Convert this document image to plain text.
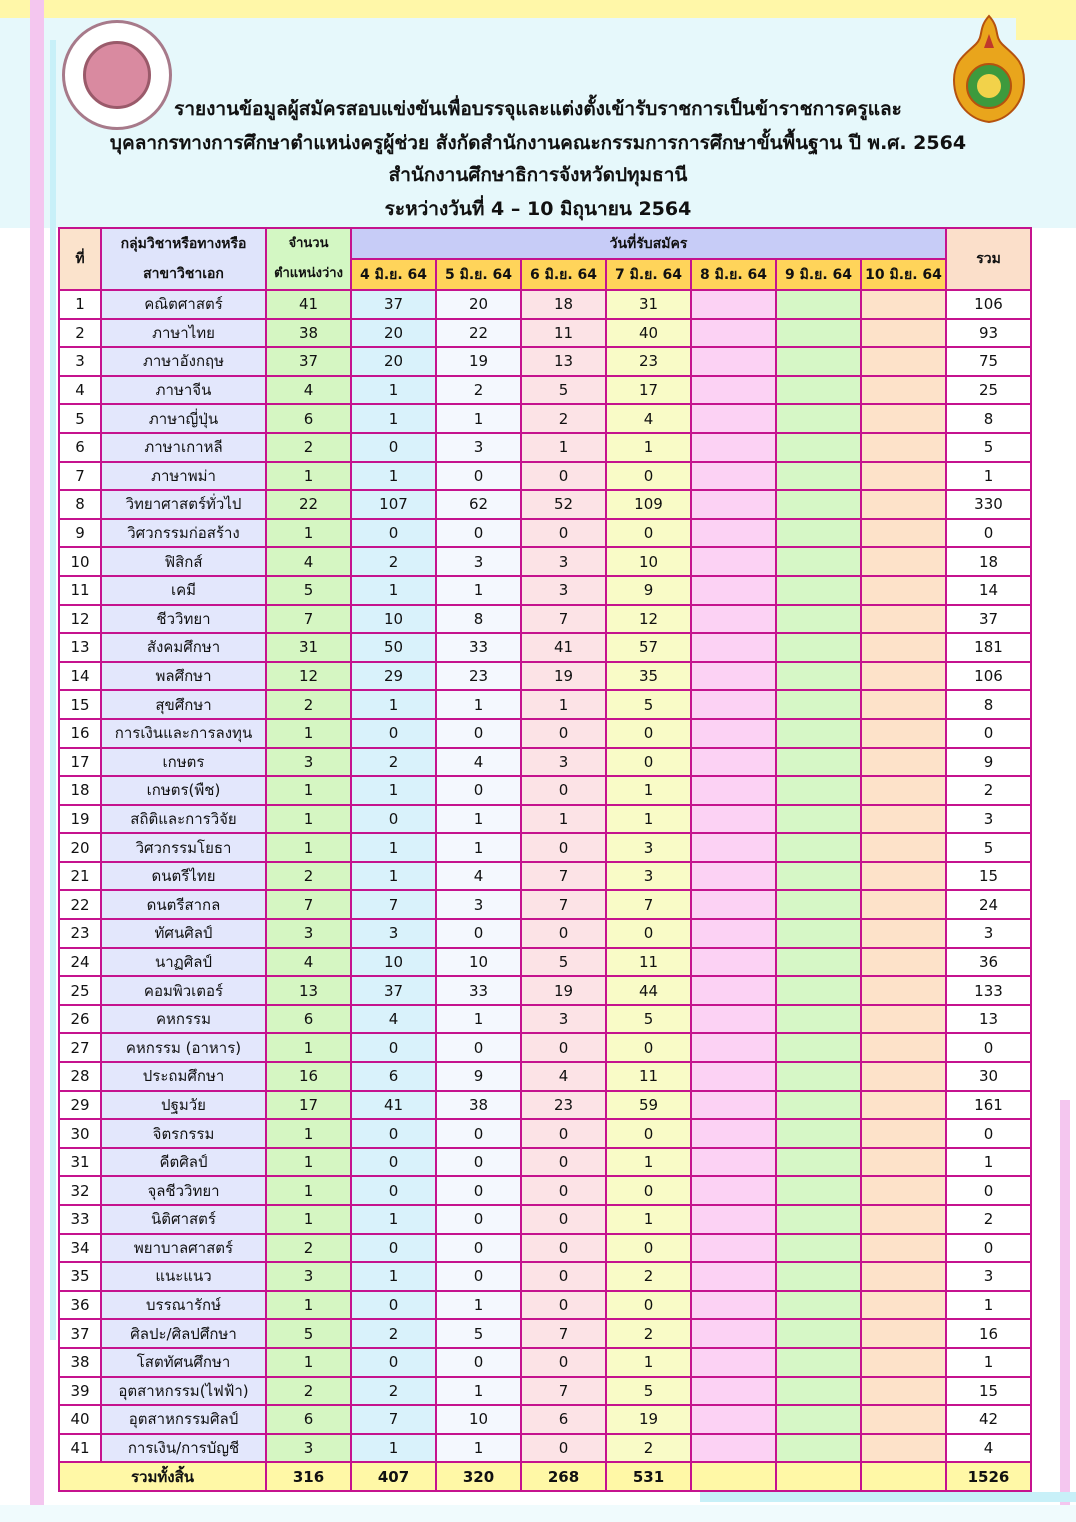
รายงานข้อมูลผู้สมัครสอบแข่งขันเพื่อบรรจุและแต่งตั้งเข้ารับราชการเป็นข้าราชการครูและ
บุคลากรทางการศึกษาตำแหน่งครูผู้ช่วย สังกัดสำนักงานคณะกรรมการการศึกษาขั้นพื้นฐาน ปี พ.ศ. 2564
สำนักงานศึกษาธิการจังหวัดปทุมธานี
ระหว่างวันที่ 4 – 10 มิถุนายน 2564
ที่	กลุ่มวิชาหรือทางหรือ
สาขาวิชาเอก	จำนวน
ตำแหน่งว่าง	วันที่รับสมัคร							รวม
			4 มิ.ย. 64	5 มิ.ย. 64	6 มิ.ย. 64	7 มิ.ย. 64	8 มิ.ย. 64	9 มิ.ย. 64	10 มิ.ย. 64	
1	คณิตศาสตร์	41	37	20	18	31				106
2	ภาษาไทย	38	20	22	11	40				93
3	ภาษาอังกฤษ	37	20	19	13	23				75
4	ภาษาจีน	4	1	2	5	17				25
5	ภาษาญี่ปุ่น	6	1	1	2	4				8
6	ภาษาเกาหลี	2	0	3	1	1				5
7	ภาษาพม่า	1	1	0	0	0				1
8	วิทยาศาสตร์ทั่วไป	22	107	62	52	109				330
9	วิศวกรรมก่อสร้าง	1	0	0	0	0				0
10	ฟิสิกส์	4	2	3	3	10				18
11	เคมี	5	1	1	3	9				14
12	ชีววิทยา	7	10	8	7	12				37
13	สังคมศึกษา	31	50	33	41	57				181
14	พลศึกษา	12	29	23	19	35				106
15	สุขศึกษา	2	1	1	1	5				8
16	การเงินและการลงทุน	1	0	0	0	0				0
17	เกษตร	3	2	4	3	0				9
18	เกษตร(พืช)	1	1	0	0	1				2
19	สถิติและการวิจัย	1	0	1	1	1				3
20	วิศวกรรมโยธา	1	1	1	0	3				5
21	ดนตรีไทย	2	1	4	7	3				15
22	ดนตรีสากล	7	7	3	7	7				24
23	ทัศนศิลป์	3	3	0	0	0				3
24	นาฏศิลป์	4	10	10	5	11				36
25	คอมพิวเตอร์	13	37	33	19	44				133
26	คหกรรม	6	4	1	3	5				13
27	คหกรรม (อาหาร)	1	0	0	0	0				0
28	ประถมศึกษา	16	6	9	4	11				30
29	ปฐมวัย	17	41	38	23	59				161
30	จิตรกรรม	1	0	0	0	0				0
31	คีตศิลป์	1	0	0	0	1				1
32	จุลชีววิทยา	1	0	0	0	0				0
33	นิติศาสตร์	1	1	0	0	1				2
34	พยาบาลศาสตร์	2	0	0	0	0				0
35	แนะแนว	3	1	0	0	2				3
36	บรรณารักษ์	1	0	1	0	0				1
37	ศิลปะ/ศิลปศึกษา	5	2	5	7	2				16
38	โสตทัศนศึกษา	1	0	0	0	1				1
39	อุตสาหกรรม(ไฟฟ้า)	2	2	1	7	5				15
40	อุตสาหกรรมศิลป์	6	7	10	6	19				42
41	การเงิน/การบัญชี	3	1	1	0	2				4
รวมทั้งสิ้น		316	407	320	268	531				1526
